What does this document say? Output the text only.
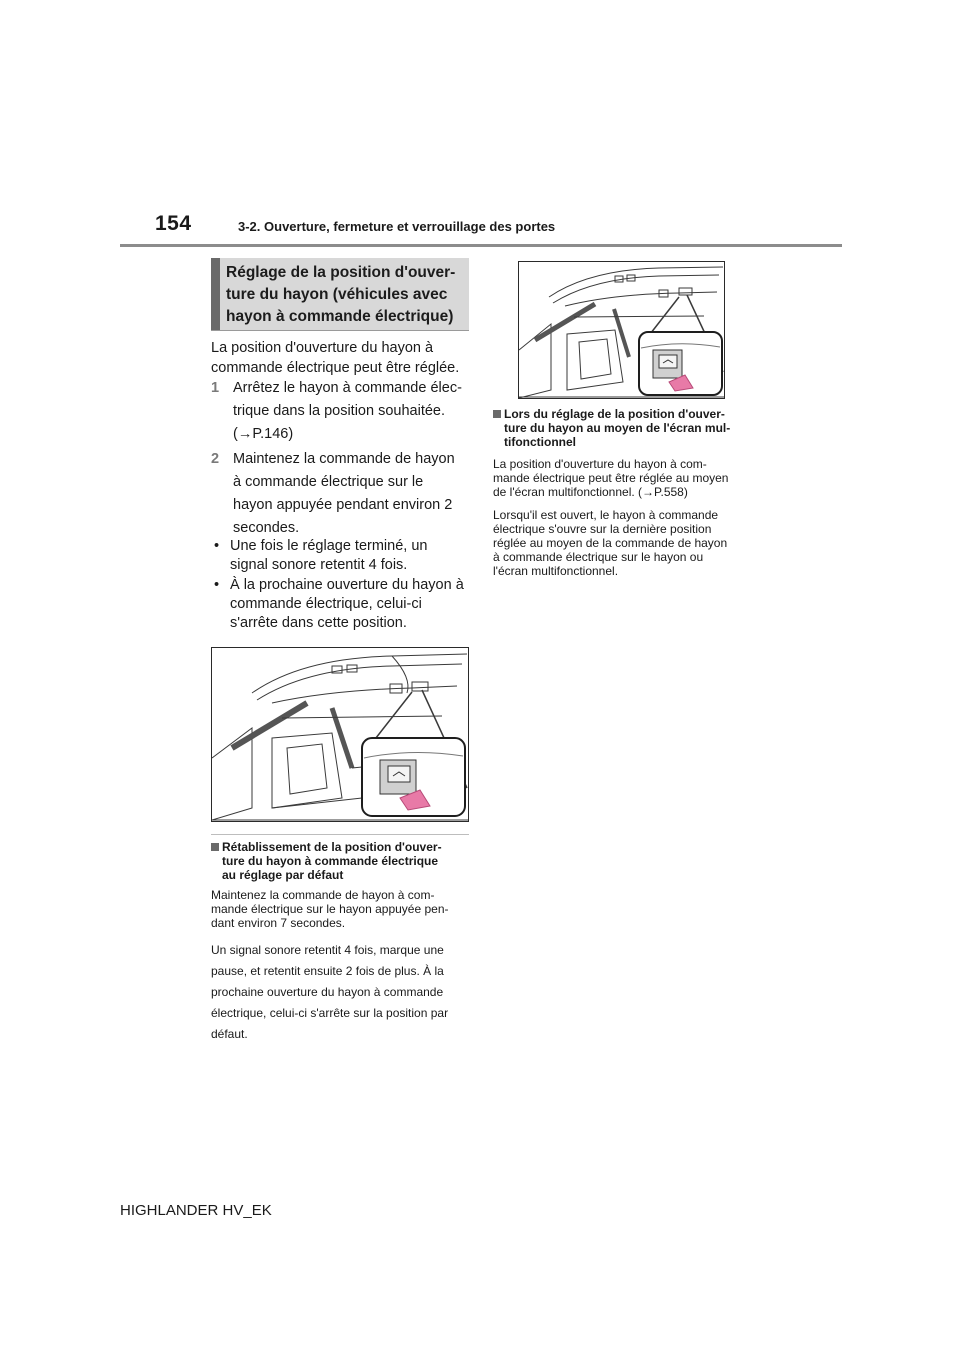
154	3-2. Ouverture, fermeture et verrouillage des portes
Réglage de la position d'ouver-
ture du hayon (véhicules avec
hayon à commande électrique)
La position d'ouverture du hayon à
commande électrique peut être réglée.
1 Arrêtez le hayon à commande élec-
trique dans la position souhaitée.
(→P.146)
2 Maintenez la commande de hayon
à commande électrique sur le
hayon appuyée pendant environ 2
secondes.
• Une fois le réglage terminé, un
signal sonore retentit 4 fois.
• À la prochaine ouverture du hayon à
commande électrique, celui-ci
s'arrête dans cette position.
Rétablissement de la position d'ouver-
ture du hayon à commande électrique
au réglage par défaut
Maintenez la commande de hayon à com-
mande électrique sur le hayon appuyée pen-
dant environ 7 secondes.
Un signal sonore retentit 4 fois, marque une
pause, et retentit ensuite 2 fois de plus. À la
prochaine ouverture du hayon à commande
électrique, celui-ci s'arrête sur la position par
défaut.
Lors du réglage de la position d'ouver-
ture du hayon au moyen de l'écran mul-
tifonctionnel
La position d'ouverture du hayon à com-
mande électrique peut être réglée au moyen
de l'écran multifonctionnel. (→P.558)
Lorsqu'il est ouvert, le hayon à commande
électrique s'ouvre sur la dernière position
réglée au moyen de la commande de hayon
à commande électrique sur le hayon ou
l'écran multifonctionnel.
HIGHLANDER HV_EK
